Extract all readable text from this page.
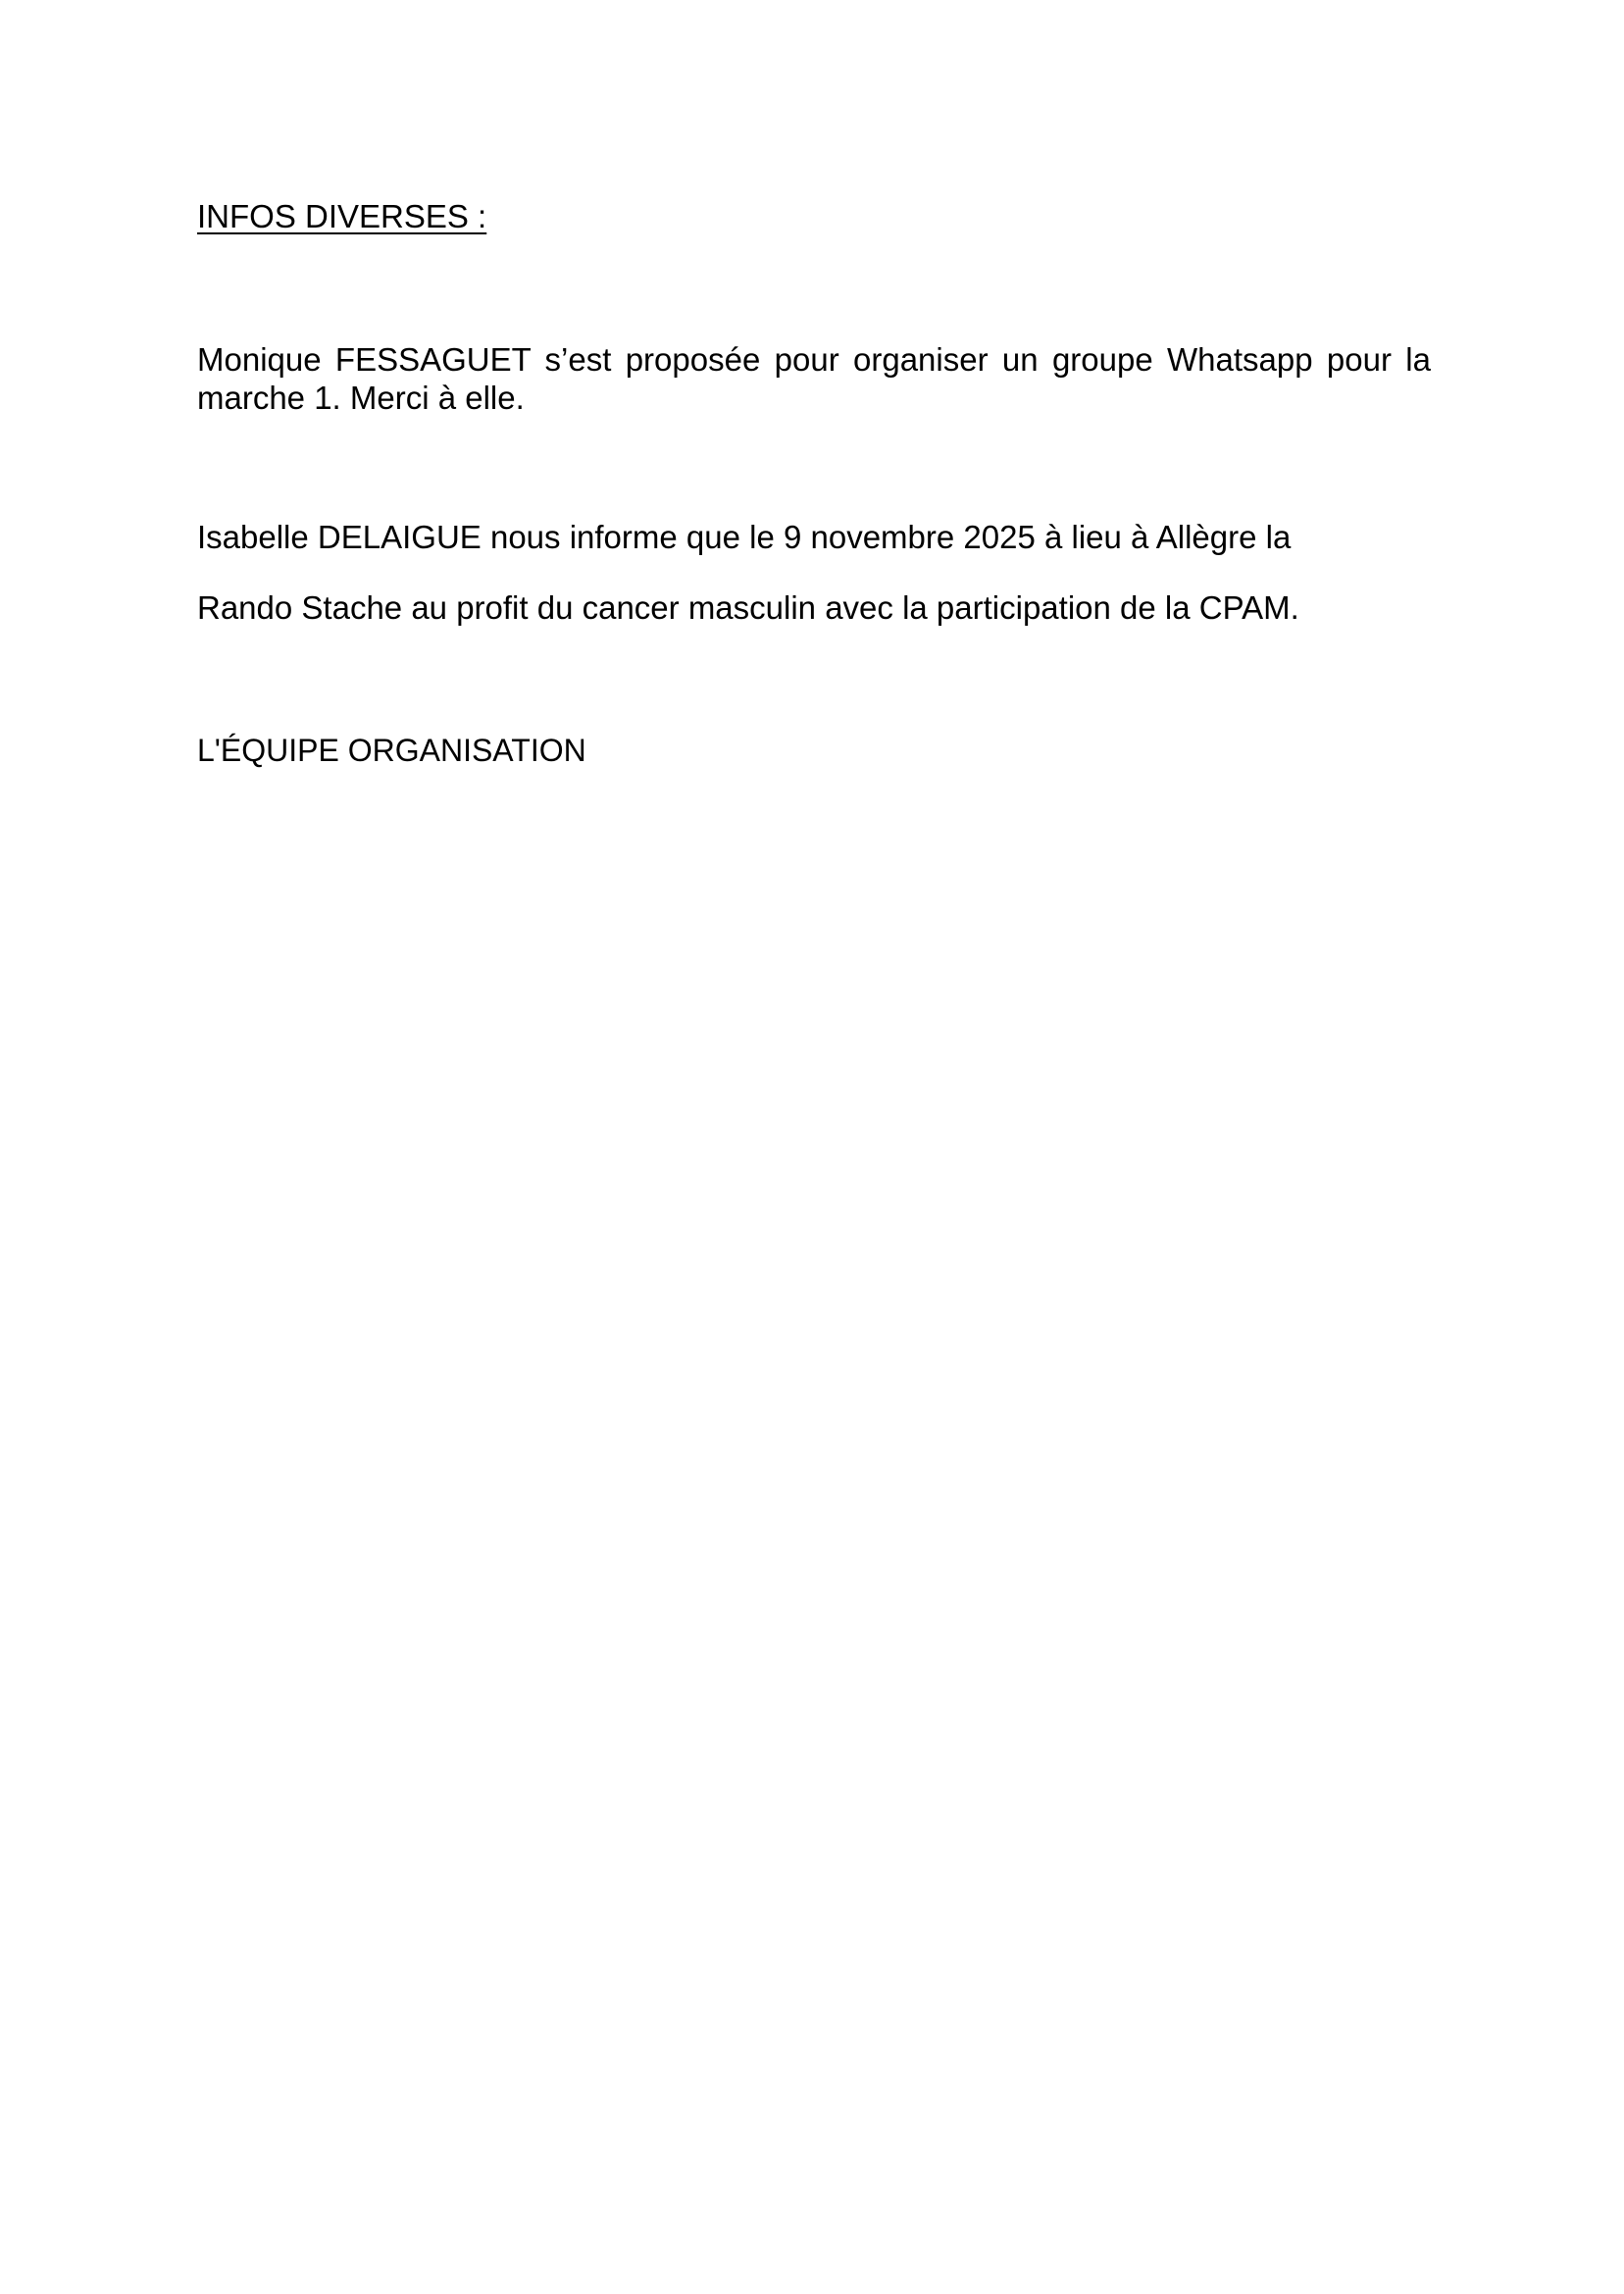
INFOS DIVERSES :
Monique FESSAGUET s’est proposée pour organiser un groupe Whatsapp pour la
marche 1. Merci à elle.
Isabelle DELAIGUE nous informe que le 9 novembre 2025 à lieu à Allègre la
Rando Stache au profit du cancer masculin avec la participation de la CPAM.
L'ÉQUIPE ORGANISATION
